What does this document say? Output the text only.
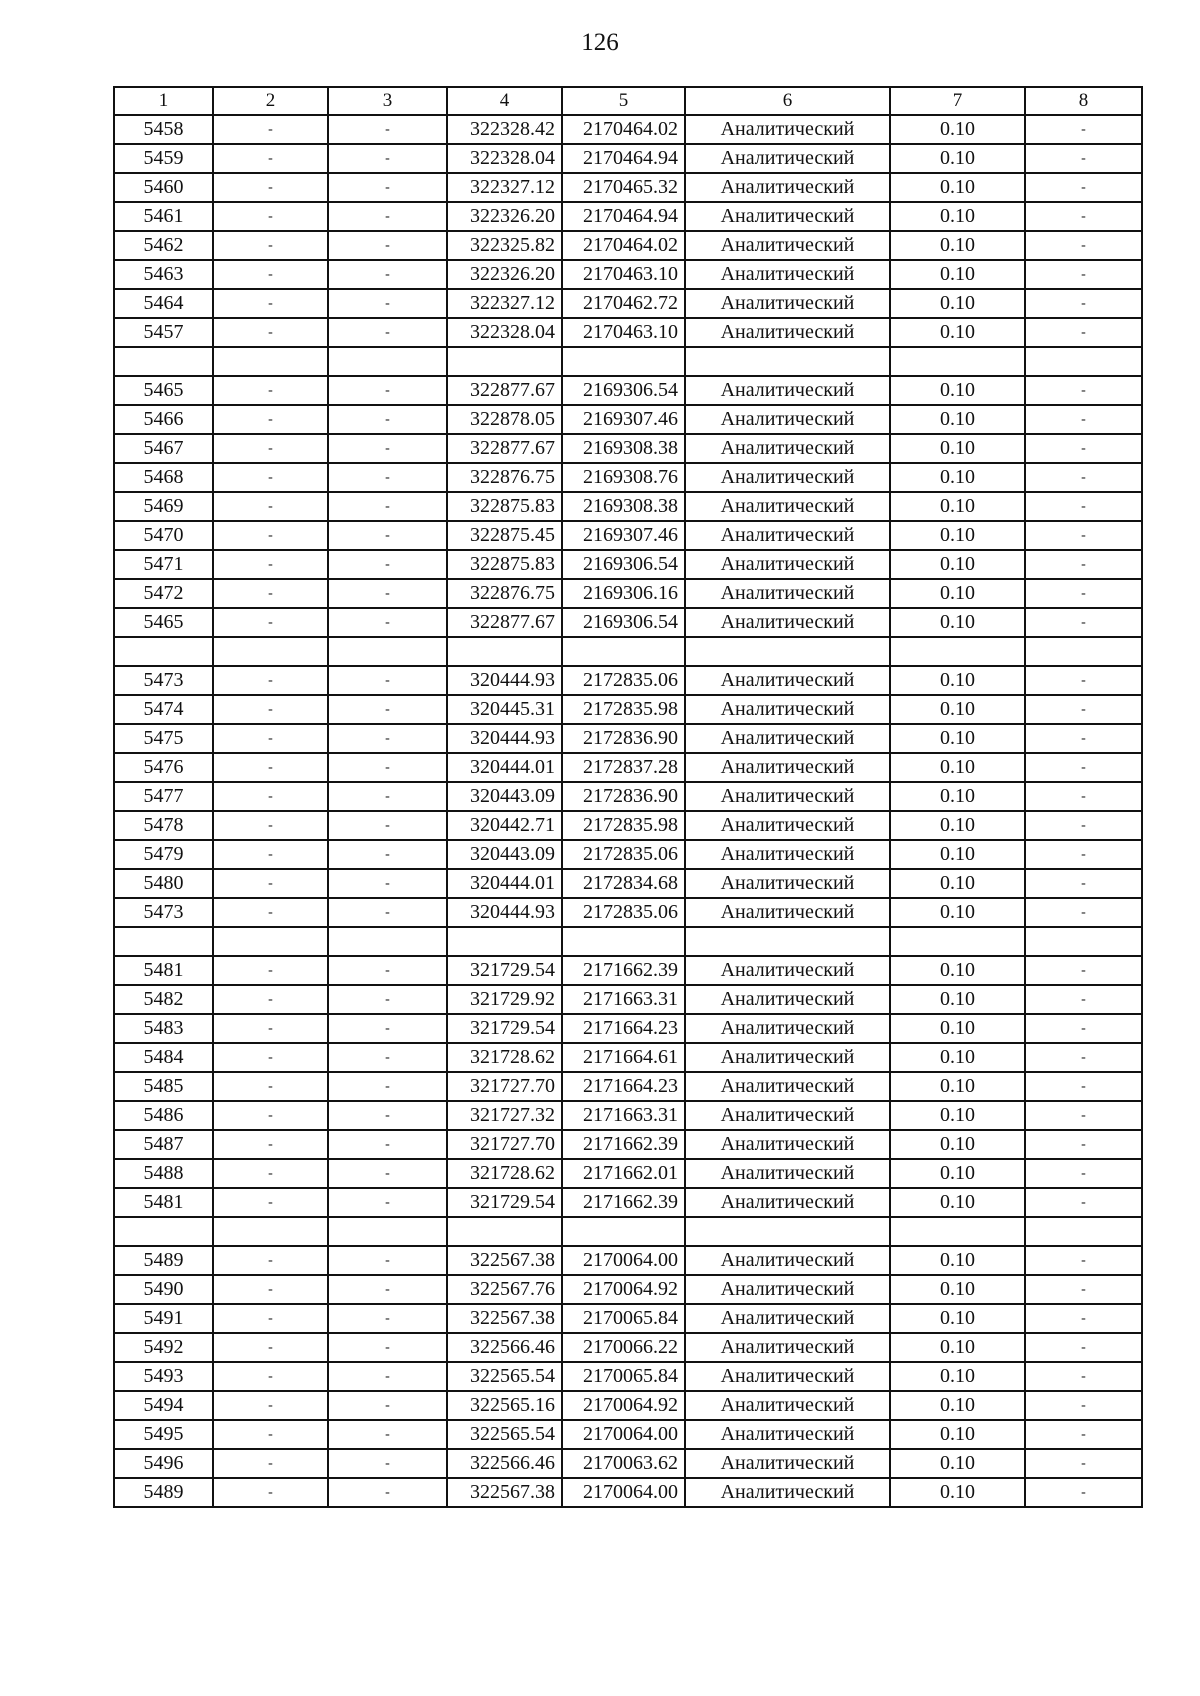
126
1	2	3	4	5	6	7	8
5458	-	-	322328.42	2170464.02	Аналитический	0.10	-
5459	-	-	322328.04	2170464.94	Аналитический	0.10	-
5460	-	-	322327.12	2170465.32	Аналитический	0.10	-
5461	-	-	322326.20	2170464.94	Аналитический	0.10	-
5462	-	-	322325.82	2170464.02	Аналитический	0.10	-
5463	-	-	322326.20	2170463.10	Аналитический	0.10	-
5464	-	-	322327.12	2170462.72	Аналитический	0.10	-
5457	-	-	322328.04	2170463.10	Аналитический	0.10	-

5465	-	-	322877.67	2169306.54	Аналитический	0.10	-
5466	-	-	322878.05	2169307.46	Аналитический	0.10	-
5467	-	-	322877.67	2169308.38	Аналитический	0.10	-
5468	-	-	322876.75	2169308.76	Аналитический	0.10	-
5469	-	-	322875.83	2169308.38	Аналитический	0.10	-
5470	-	-	322875.45	2169307.46	Аналитический	0.10	-
5471	-	-	322875.83	2169306.54	Аналитический	0.10	-
5472	-	-	322876.75	2169306.16	Аналитический	0.10	-
5465	-	-	322877.67	2169306.54	Аналитический	0.10	-

5473	-	-	320444.93	2172835.06	Аналитический	0.10	-
5474	-	-	320445.31	2172835.98	Аналитический	0.10	-
5475	-	-	320444.93	2172836.90	Аналитический	0.10	-
5476	-	-	320444.01	2172837.28	Аналитический	0.10	-
5477	-	-	320443.09	2172836.90	Аналитический	0.10	-
5478	-	-	320442.71	2172835.98	Аналитический	0.10	-
5479	-	-	320443.09	2172835.06	Аналитический	0.10	-
5480	-	-	320444.01	2172834.68	Аналитический	0.10	-
5473	-	-	320444.93	2172835.06	Аналитический	0.10	-

5481	-	-	321729.54	2171662.39	Аналитический	0.10	-
5482	-	-	321729.92	2171663.31	Аналитический	0.10	-
5483	-	-	321729.54	2171664.23	Аналитический	0.10	-
5484	-	-	321728.62	2171664.61	Аналитический	0.10	-
5485	-	-	321727.70	2171664.23	Аналитический	0.10	-
5486	-	-	321727.32	2171663.31	Аналитический	0.10	-
5487	-	-	321727.70	2171662.39	Аналитический	0.10	-
5488	-	-	321728.62	2171662.01	Аналитический	0.10	-
5481	-	-	321729.54	2171662.39	Аналитический	0.10	-

5489	-	-	322567.38	2170064.00	Аналитический	0.10	-
5490	-	-	322567.76	2170064.92	Аналитический	0.10	-
5491	-	-	322567.38	2170065.84	Аналитический	0.10	-
5492	-	-	322566.46	2170066.22	Аналитический	0.10	-
5493	-	-	322565.54	2170065.84	Аналитический	0.10	-
5494	-	-	322565.16	2170064.92	Аналитический	0.10	-
5495	-	-	322565.54	2170064.00	Аналитический	0.10	-
5496	-	-	322566.46	2170063.62	Аналитический	0.10	-
5489	-	-	322567.38	2170064.00	Аналитический	0.10	-
